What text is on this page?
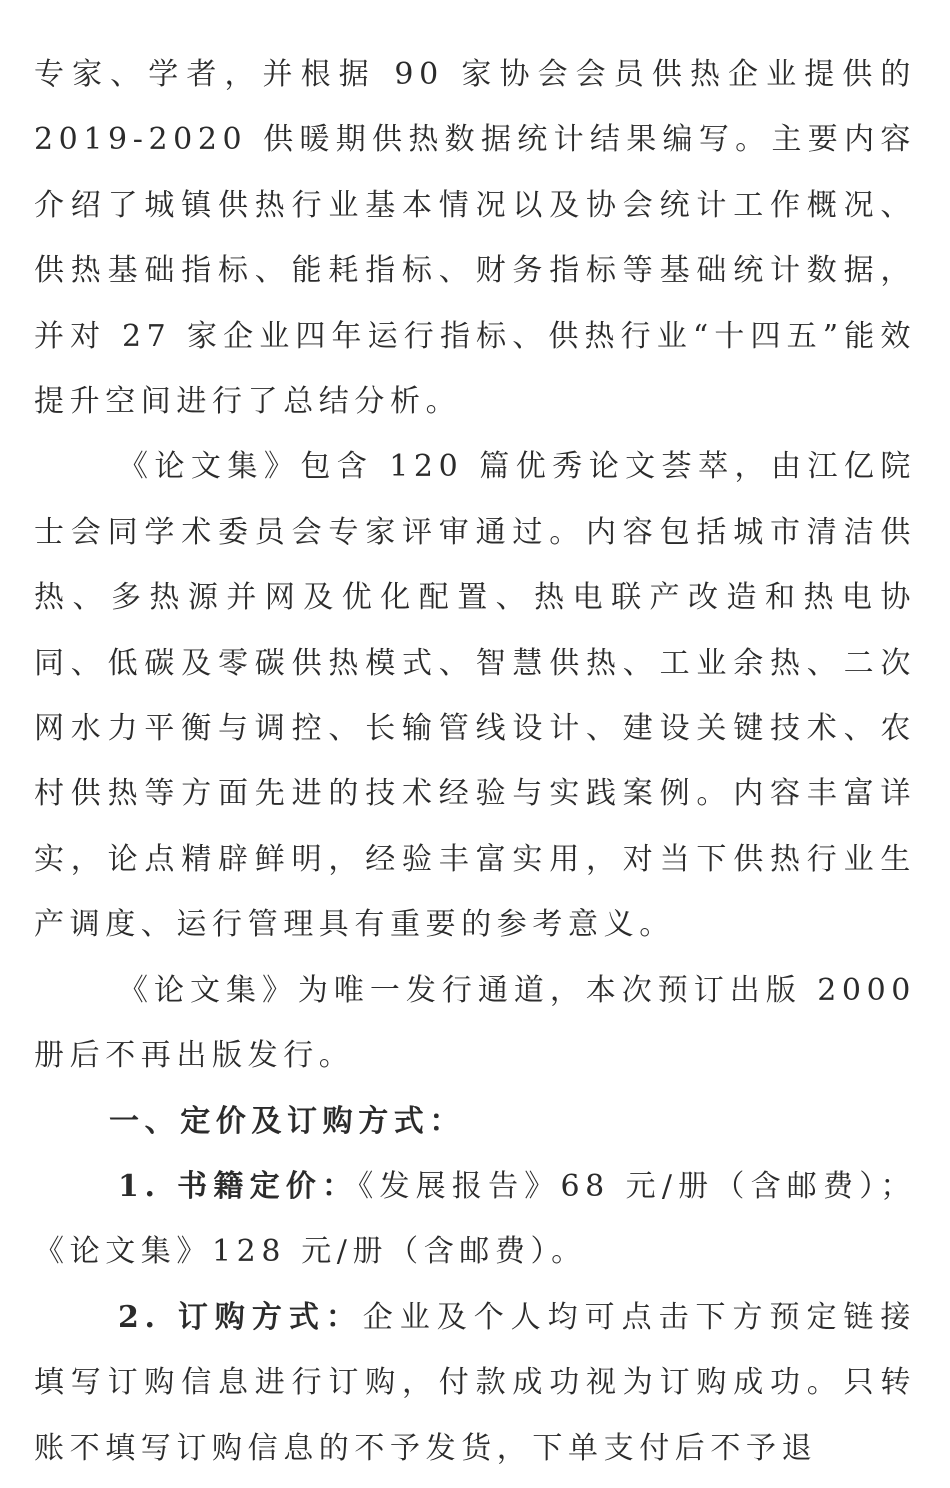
专家、学者，并根据 90 家协会会员供热企业提供的 2019-2020 供暖期供热数据统计结果编写。主要内容介绍了城镇供热行业基本情况以及协会统计工作概况、供热基础指标、能耗指标、财务指标等基础统计数据，并对 27 家企业四年运行指标、供热行业“十四五”能效提升空间进行了总结分析。

《论文集》包含 120 篇优秀论文荟萃，由江亿院士会同学术委员会专家评审通过。内容包括城市清洁供热、多热源并网及优化配置、热电联产改造和热电协同、低碳及零碳供热模式、智慧供热、工业余热、二次网水力平衡与调控、长输管线设计、建设关键技术、农村供热等方面先进的技术经验与实践案例。内容丰富详实，论点精辟鲜明，经验丰富实用，对当下供热行业生产调度、运行管理具有重要的参考意义。

《论文集》为唯一发行通道，本次预订出版 2000 册后不再出版发行。

一、定价及订购方式：

1. 书籍定价：《发展报告》68 元/册（含邮费）；《论文集》128 元/册（含邮费）。

2. 订购方式：企业及个人均可点击下方预定链接填写订购信息进行订购，付款成功视为订购成功。只转账不填写订购信息的不予发货，下单支付后不予退
